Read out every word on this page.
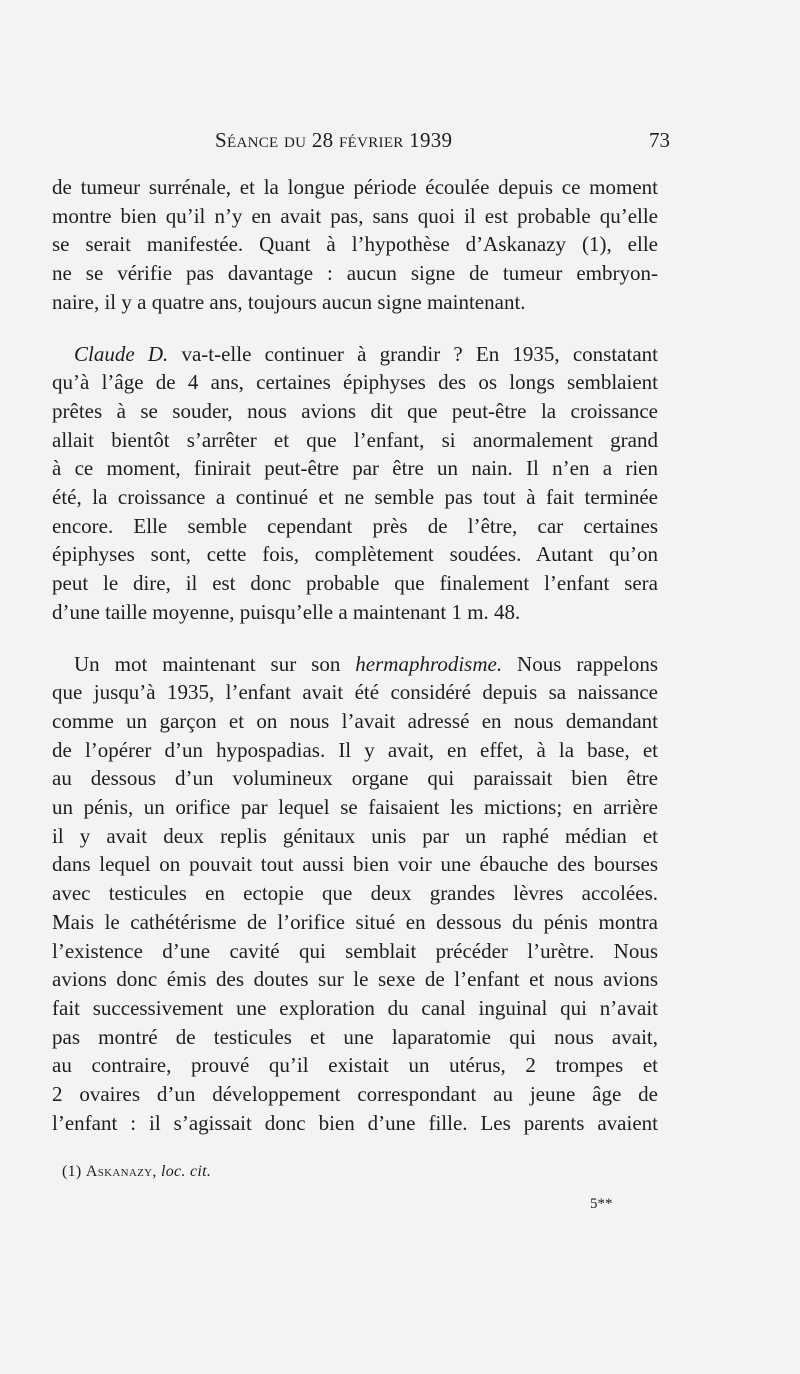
Séance du 28 février 1939	73
de tumeur surrénale, et la longue période écoulée depuis ce moment
montre bien qu’il n’y en avait pas, sans quoi il est probable qu’elle
se serait manifestée. Quant à l’hypothèse d’Askanazy (1), elle
ne se vérifie pas davantage : aucun signe de tumeur embryon-
naire, il y a quatre ans, toujours aucun signe maintenant.
Claude D. va-t-elle continuer à grandir ? En 1935, constatant
qu’à l’âge de 4 ans, certaines épiphyses des os longs semblaient
prêtes à se souder, nous avions dit que peut-être la croissance
allait bientôt s’arrêter et que l’enfant, si anormalement grand
à ce moment, finirait peut-être par être un nain. Il n’en a rien
été, la croissance a continué et ne semble pas tout à fait terminée
encore. Elle semble cependant près de l’être, car certaines
épiphyses sont, cette fois, complètement soudées. Autant qu’on
peut le dire, il est donc probable que finalement l’enfant sera
d’une taille moyenne, puisqu’elle a maintenant 1 m. 48.
Un mot maintenant sur son hermaphrodisme. Nous rappelons
que jusqu’à 1935, l’enfant avait été considéré depuis sa naissance
comme un garçon et on nous l’avait adressé en nous demandant
de l’opérer d’un hypospadias. Il y avait, en effet, à la base, et
au dessous d’un volumineux organe qui paraissait bien être
un pénis, un orifice par lequel se faisaient les mictions; en arrière
il y avait deux replis génitaux unis par un raphé médian et
dans lequel on pouvait tout aussi bien voir une ébauche des bourses
avec testicules en ectopie que deux grandes lèvres accolées.
Mais le cathétérisme de l’orifice situé en dessous du pénis montra
l’existence d’une cavité qui semblait précéder l’urètre. Nous
avions donc émis des doutes sur le sexe de l’enfant et nous avions
fait successivement une exploration du canal inguinal qui n’avait
pas montré de testicules et une laparatomie qui nous avait,
au contraire, prouvé qu’il existait un utérus, 2 trompes et
2 ovaires d’un développement correspondant au jeune âge de
l’enfant : il s’agissait donc bien d’une fille. Les parents avaient
(1) Askanazy, loc. cit.
5**
